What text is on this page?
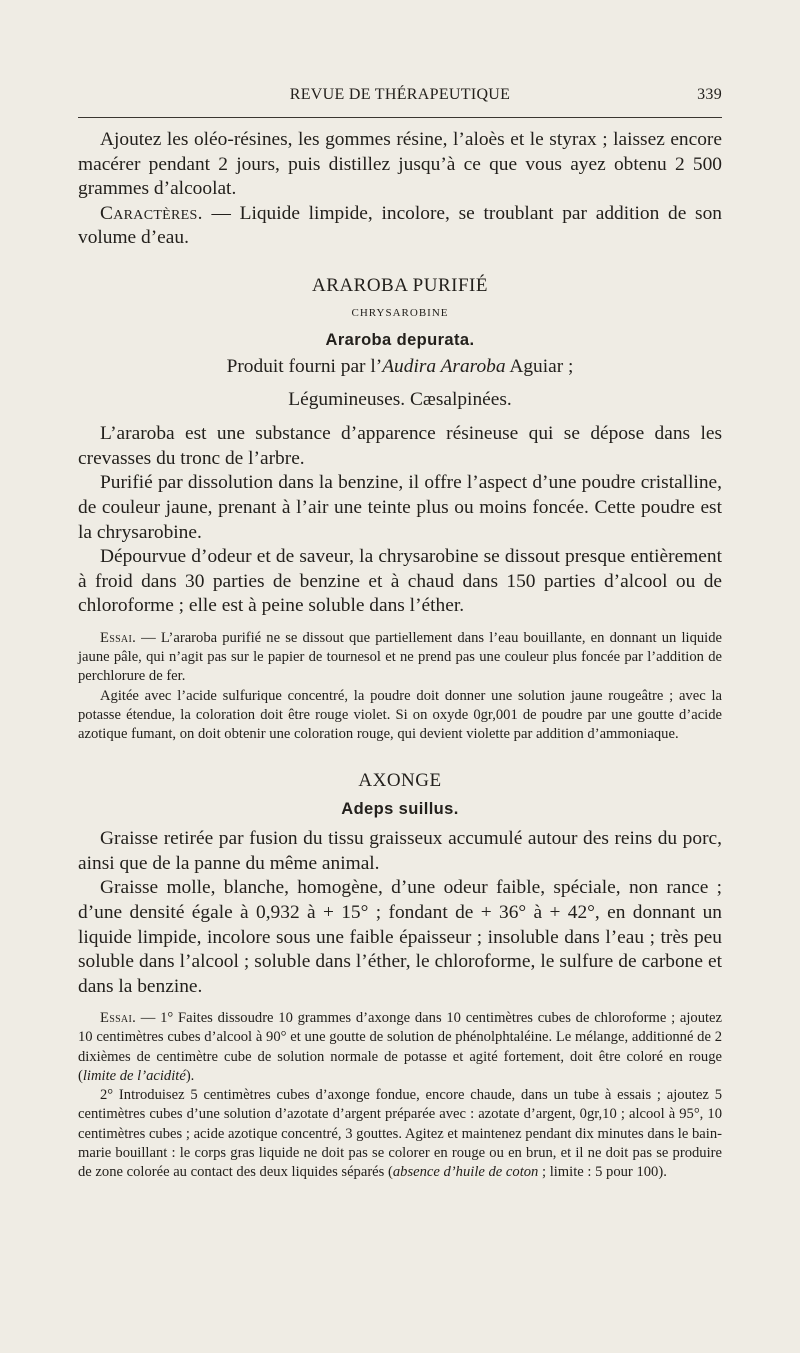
REVUE DE THÉRAPEUTIQUE	339

Ajoutez les oléo-résines, les gommes résine, l’aloès et le styrax ; laissez encore macérer pendant 2 jours, puis distillez jusqu’à ce que vous ayez obtenu 2 500 grammes d’alcoolat.

Caractères. — Liquide limpide, incolore, se troublant par addition de son volume d’eau.

ARAROBA PURIFIÉ
CHRYSAROBINE
Araroba depurata.

Produit fourni par l’Audira Araroba Aguiar ;

Légumineuses. Cæsalpinées.

L’araroba est une substance d’apparence résineuse qui se dépose dans les crevasses du tronc de l’arbre.

Purifié par dissolution dans la benzine, il offre l’aspect d’une poudre cristalline, de couleur jaune, prenant à l’air une teinte plus ou moins foncée. Cette poudre est la chrysarobine.

Dépourvue d’odeur et de saveur, la chrysarobine se dissout presque entièrement à froid dans 30 parties de benzine et à chaud dans 150 parties d’alcool ou de chloroforme ; elle est à peine soluble dans l’éther.

Essai. — L’araroba purifié ne se dissout que partiellement dans l’eau bouillante, en donnant un liquide jaune pâle, qui n’agit pas sur le papier de tournesol et ne prend pas une couleur plus foncée par l’addition de perchlorure de fer.

Agitée avec l’acide sulfurique concentré, la poudre doit donner une solution jaune rougeâtre ; avec la potasse étendue, la coloration doit être rouge violet. Si on oxyde 0gr,001 de poudre par une goutte d’acide azotique fumant, on doit obtenir une coloration rouge, qui devient violette par addition d’ammoniaque.

AXONGE
Adeps suillus.

Graisse retirée par fusion du tissu graisseux accumulé autour des reins du porc, ainsi que de la panne du même animal.

Graisse molle, blanche, homogène, d’une odeur faible, spéciale, non rance ; d’une densité égale à 0,932 à + 15° ; fondant de + 36° à + 42°, en donnant un liquide limpide, incolore sous une faible épaisseur ; insoluble dans l’eau ; très peu soluble dans l’alcool ; soluble dans l’éther, le chloroforme, le sulfure de carbone et dans la benzine.

Essai. — 1° Faites dissoudre 10 grammes d’axonge dans 10 centimètres cubes de chloroforme ; ajoutez 10 centimètres cubes d’alcool à 90° et une goutte de solution de phénolphtaléine. Le mélange, additionné de 2 dixièmes de centimètre cube de solution normale de potasse et agité fortement, doit être coloré en rouge (limite de l’acidité).

2° Introduisez 5 centimètres cubes d’axonge fondue, encore chaude, dans un tube à essais ; ajoutez 5 centimètres cubes d’une solution d’azotate d’argent préparée avec : azotate d’argent, 0gr,10 ; alcool à 95°, 10 centimètres cubes ; acide azotique concentré, 3 gouttes. Agitez et maintenez pendant dix minutes dans le bain-marie bouillant : le corps gras liquide ne doit pas se colorer en rouge ou en brun, et il ne doit pas se produire de zone colorée au contact des deux liquides séparés (absence d’huile de coton ; limite : 5 pour 100).
